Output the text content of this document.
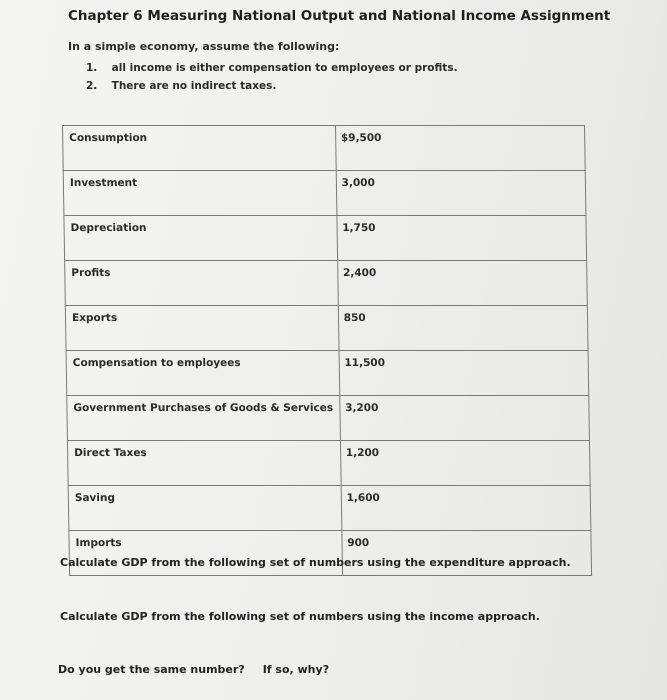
Chapter 6 Measuring National Output and National Income Assignment
In a simple economy, assume the following:
1. all income is either compensation to employees or profits.
2. There are no indirect taxes.
Consumption	$9,500
Investment	3,000
Depreciation	1,750
Profits	2,400
Exports	850
Compensation to employees	11,500
Government Purchases of Goods & Services	3,200
Direct Taxes	1,200
Saving	1,600
Imports	900
Calculate GDP from the following set of numbers using the expenditure approach.
Calculate GDP from the following set of numbers using the income approach.
Do you get the same number? If so, why?
